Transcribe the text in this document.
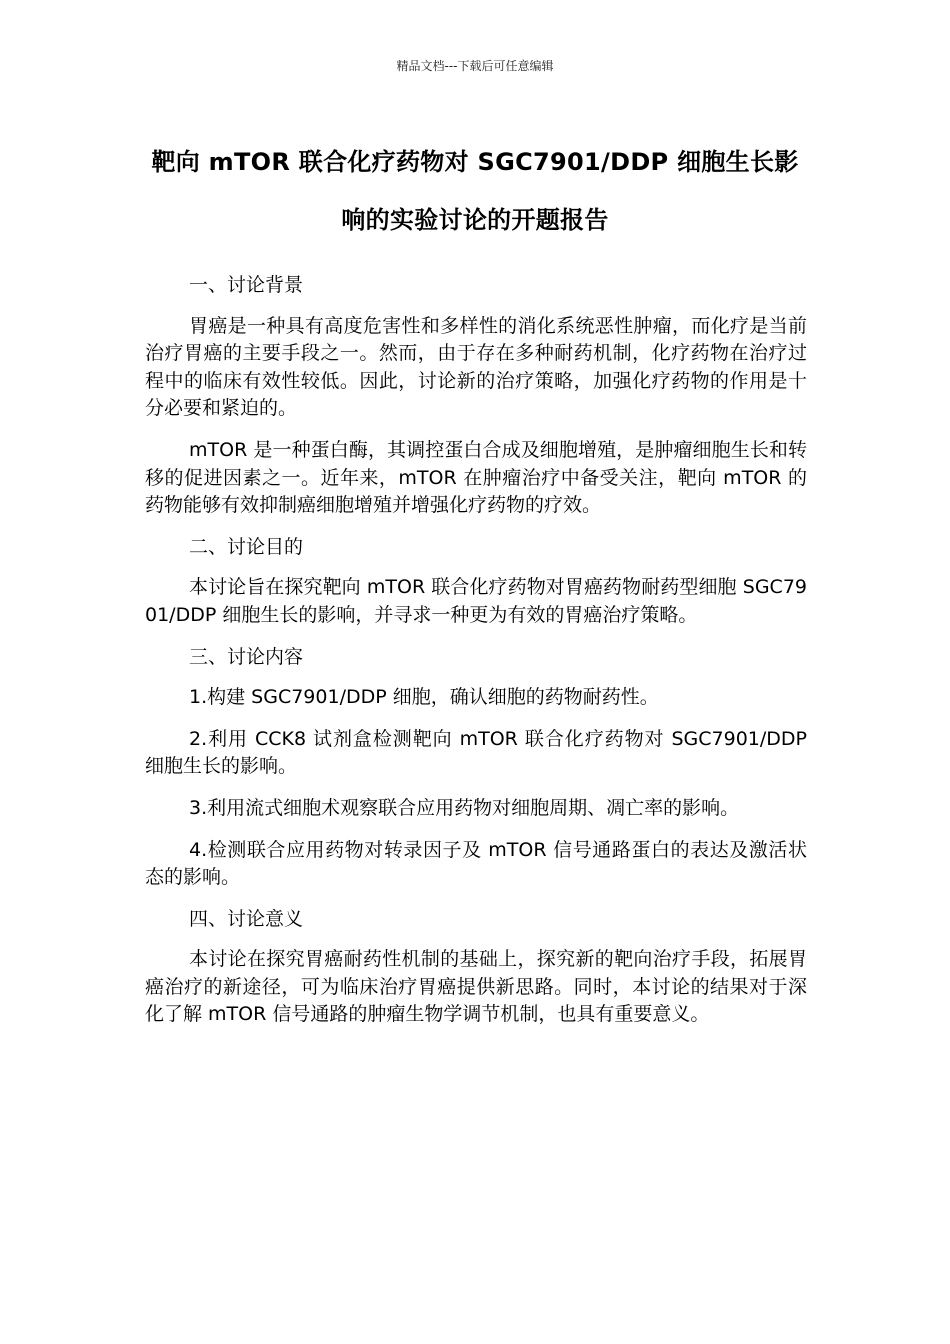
精品文档---下载后可任意编辑
靶向 mTOR 联合化疗药物对 SGC7901/DDP 细胞生长影响的实验讨论的开题报告

一、讨论背景

胃癌是一种具有高度危害性和多样性的消化系统恶性肿瘤，而化疗是当前治疗胃癌的主要手段之一。然而，由于存在多种耐药机制，化疗药物在治疗过程中的临床有效性较低。因此，讨论新的治疗策略，加强化疗药物的作用是十分必要和紧迫的。

mTOR 是一种蛋白酶，其调控蛋白合成及细胞增殖，是肿瘤细胞生长和转移的促进因素之一。近年来，mTOR 在肿瘤治疗中备受关注，靶向 mTOR 的药物能够有效抑制癌细胞增殖并增强化疗药物的疗效。

二、讨论目的

本讨论旨在探究靶向 mTOR 联合化疗药物对胃癌药物耐药型细胞 SGC7901/DDP 细胞生长的影响，并寻求一种更为有效的胃癌治疗策略。

三、讨论内容

1.构建 SGC7901/DDP 细胞，确认细胞的药物耐药性。

2.利用 CCK8 试剂盒检测靶向 mTOR 联合化疗药物对 SGC7901/DDP 细胞生长的影响。

3.利用流式细胞术观察联合应用药物对细胞周期、凋亡率的影响。

4.检测联合应用药物对转录因子及 mTOR 信号通路蛋白的表达及激活状态的影响。

四、讨论意义

本讨论在探究胃癌耐药性机制的基础上，探究新的靶向治疗手段，拓展胃癌治疗的新途径，可为临床治疗胃癌提供新思路。同时，本讨论的结果对于深化了解 mTOR 信号通路的肿瘤生物学调节机制，也具有重要意义。
